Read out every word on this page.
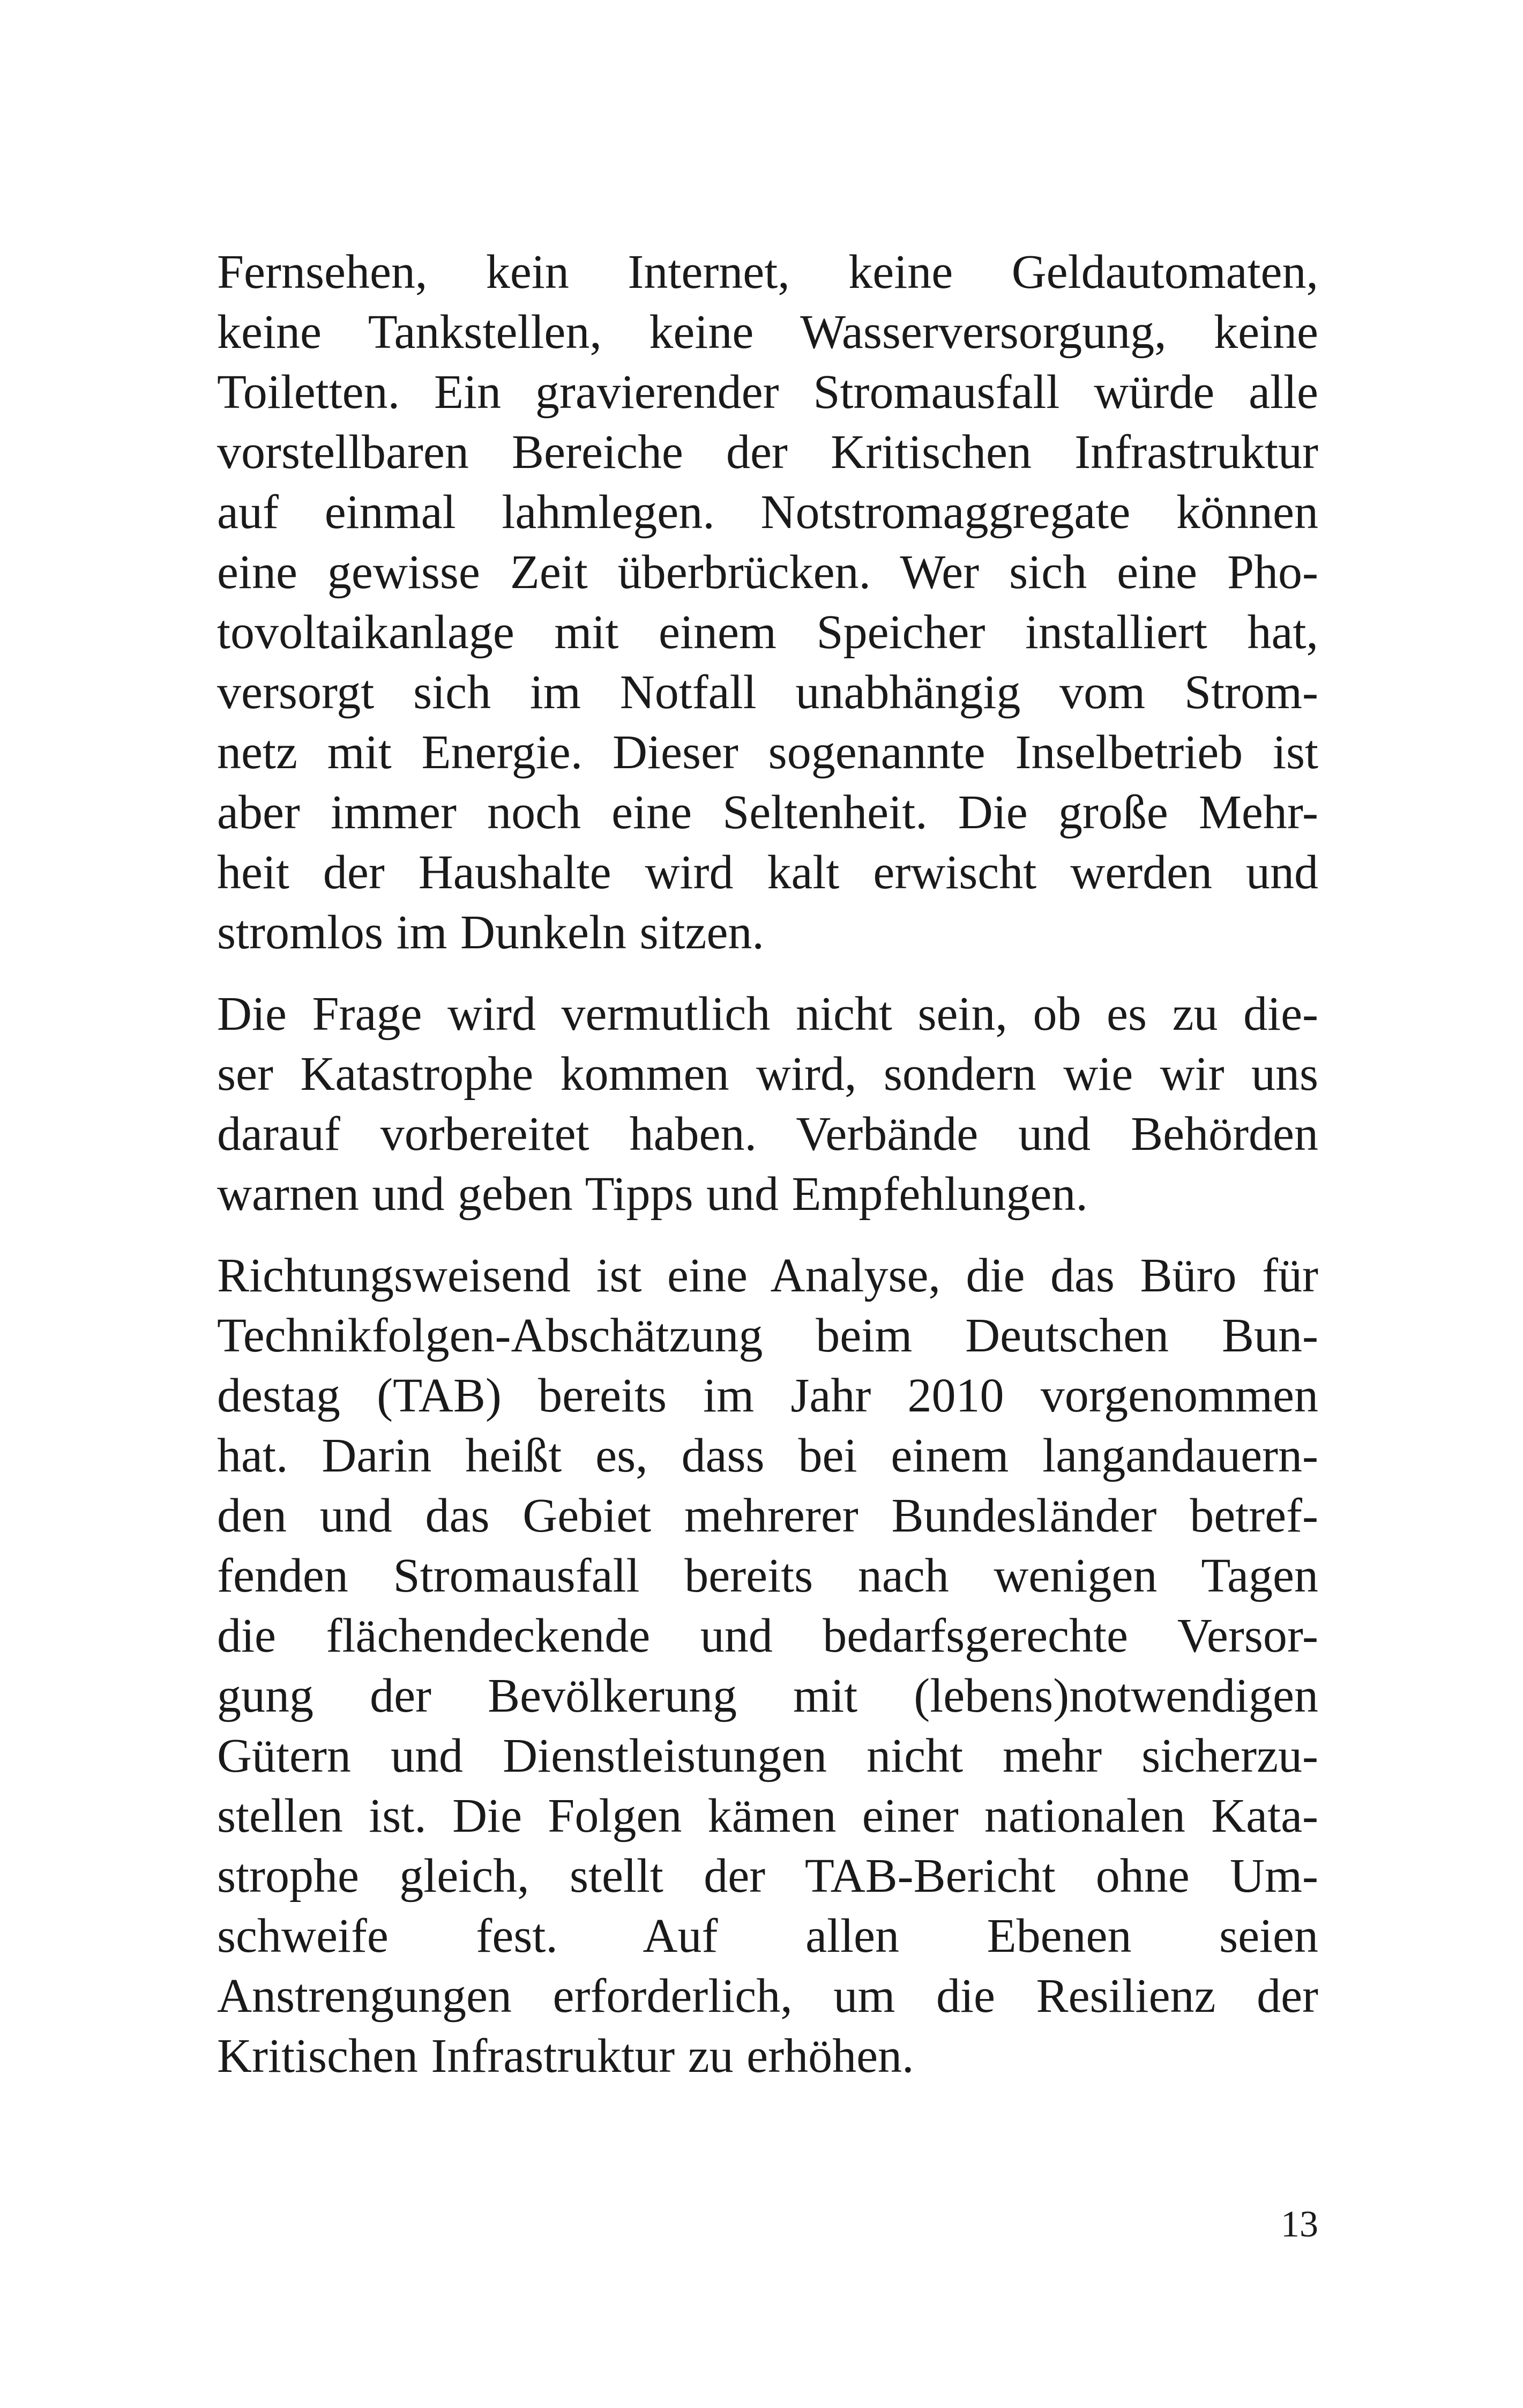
Fernsehen, kein Internet, keine Geldautomaten,
keine Tankstellen, keine Wasserversorgung, keine
Toiletten. Ein gravierender Stromausfall würde alle
vorstellbaren Bereiche der Kritischen Infrastruktur
auf einmal lahmlegen. Notstromaggregate können
eine gewisse Zeit überbrücken. Wer sich eine Pho-
tovoltaikanlage mit einem Speicher installiert hat,
versorgt sich im Notfall unabhängig vom Strom-
netz mit Energie. Dieser sogenannte Inselbetrieb ist
aber immer noch eine Seltenheit. Die große Mehr-
heit der Haushalte wird kalt erwischt werden und
stromlos im Dunkeln sitzen.

Die Frage wird vermutlich nicht sein, ob es zu die-
ser Katastrophe kommen wird, sondern wie wir uns
darauf vorbereitet haben. Verbände und Behörden
warnen und geben Tipps und Empfehlungen.

Richtungsweisend ist eine Analyse, die das Büro für
Technikfolgen-Abschätzung beim Deutschen Bun-
destag (TAB) bereits im Jahr 2010 vorgenommen
hat. Darin heißt es, dass bei einem langandauern-
den und das Gebiet mehrerer Bundesländer betref-
fenden Stromausfall bereits nach wenigen Tagen
die flächendeckende und bedarfsgerechte Versor-
gung der Bevölkerung mit (lebens)notwendigen
Gütern und Dienstleistungen nicht mehr sicherzu-
stellen ist. Die Folgen kämen einer nationalen Kata-
strophe gleich, stellt der TAB-Bericht ohne Um-
schweife fest. Auf allen Ebenen seien
Anstrengungen erforderlich, um die Resilienz der
Kritischen Infrastruktur zu erhöhen.

13
